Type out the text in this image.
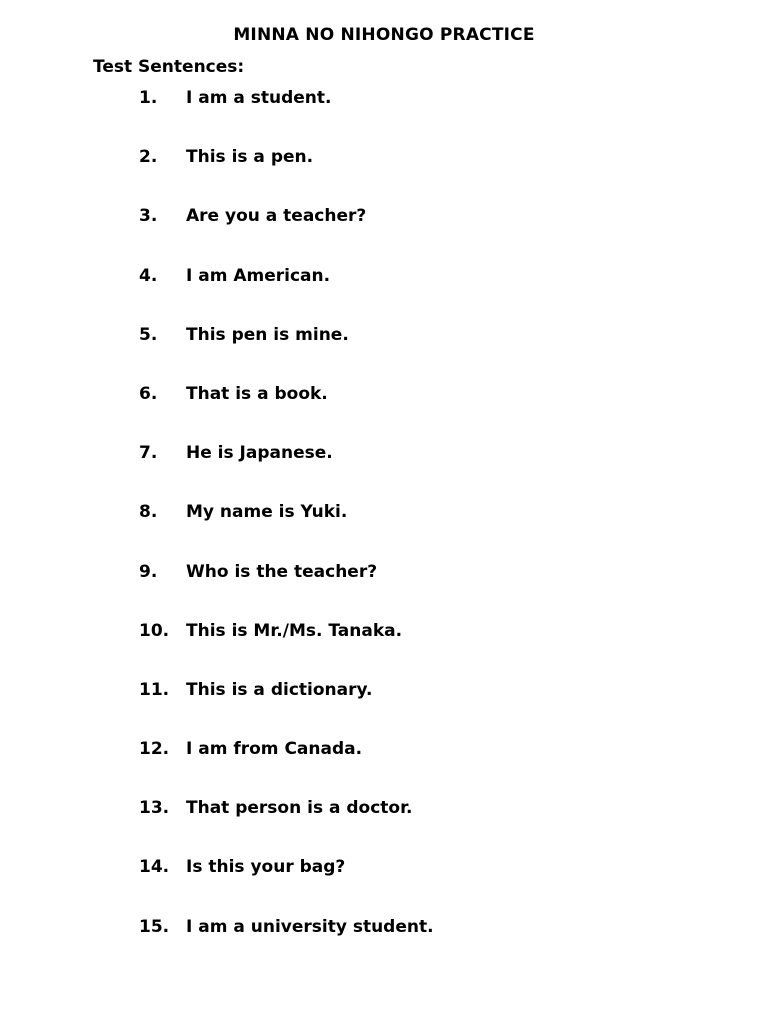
MINNA NO NIHONGO PRACTICE
Test Sentences:
1.	I am a student.
2.	This is a pen.
3.	Are you a teacher?
4.	I am American.
5.	This pen is mine.
6.	That is a book.
7.	He is Japanese.
8.	My name is Yuki.
9.	Who is the teacher?
10. This is Mr./Ms. Tanaka.
11. This is a dictionary.
12. I am from Canada.
13. That person is a doctor.
14. Is this your bag?
15. I am a university student.
